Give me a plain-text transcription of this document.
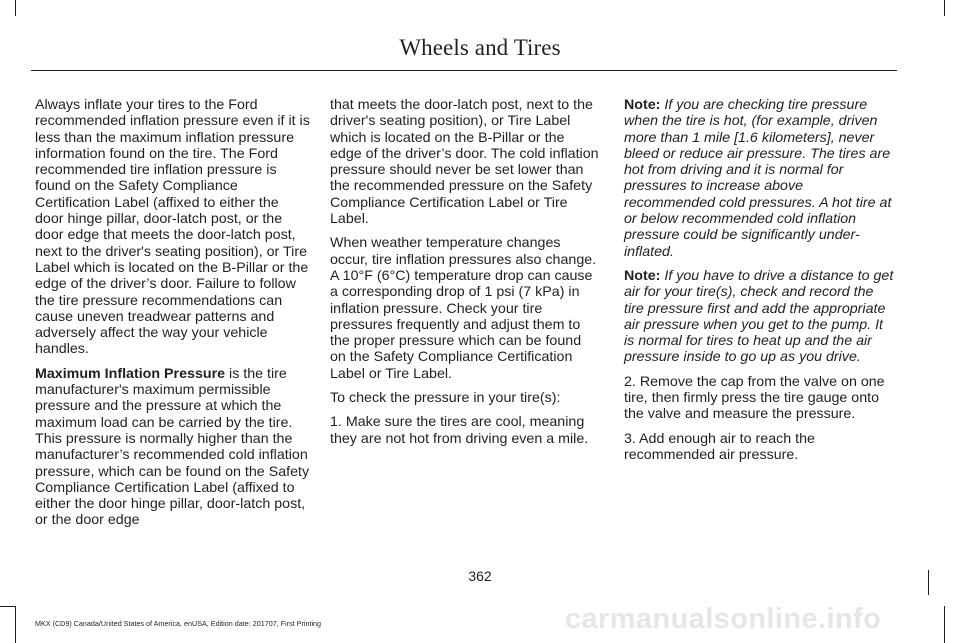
Wheels and Tires

Always inflate your tires to the Ford recommended inflation pressure even if it is less than the maximum inflation pressure information found on the tire. The Ford recommended tire inflation pressure is found on the Safety Compliance Certification Label (affixed to either the door hinge pillar, door-latch post, or the door edge that meets the door-latch post, next to the driver's seating position), or Tire Label which is located on the B-Pillar or the edge of the driver’s door. Failure to follow the tire pressure recommendations can cause uneven treadwear patterns and adversely affect the way your vehicle handles.

Maximum Inflation Pressure is the tire manufacturer's maximum permissible pressure and the pressure at which the maximum load can be carried by the tire. This pressure is normally higher than the manufacturer’s recommended cold inflation pressure, which can be found on the Safety Compliance Certification Label (affixed to either the door hinge pillar, door-latch post, or the door edge

that meets the door-latch post, next to the driver's seating position), or Tire Label which is located on the B-Pillar or the edge of the driver’s door. The cold inflation pressure should never be set lower than the recommended pressure on the Safety Compliance Certification Label or Tire Label.

When weather temperature changes occur, tire inflation pressures also change. A 10°F (6°C) temperature drop can cause a corresponding drop of 1 psi (7 kPa) in inflation pressure. Check your tire pressures frequently and adjust them to the proper pressure which can be found on the Safety Compliance Certification Label or Tire Label.

To check the pressure in your tire(s):

1. Make sure the tires are cool, meaning they are not hot from driving even a mile.

Note: If you are checking tire pressure when the tire is hot, (for example, driven more than 1 mile [1.6 kilometers], never bleed or reduce air pressure. The tires are hot from driving and it is normal for pressures to increase above recommended cold pressures. A hot tire at or below recommended cold inflation pressure could be significantly under-inflated.

Note: If you have to drive a distance to get air for your tire(s), check and record the tire pressure first and add the appropriate air pressure when you get to the pump. It is normal for tires to heat up and the air pressure inside to go up as you drive.

2. Remove the cap from the valve on one tire, then firmly press the tire gauge onto the valve and measure the pressure.

3. Add enough air to reach the recommended air pressure.

362
MKX (CD9) Canada/United States of America, enUSA, Edition date: 201707, First Printing	carmanualsonline.info
